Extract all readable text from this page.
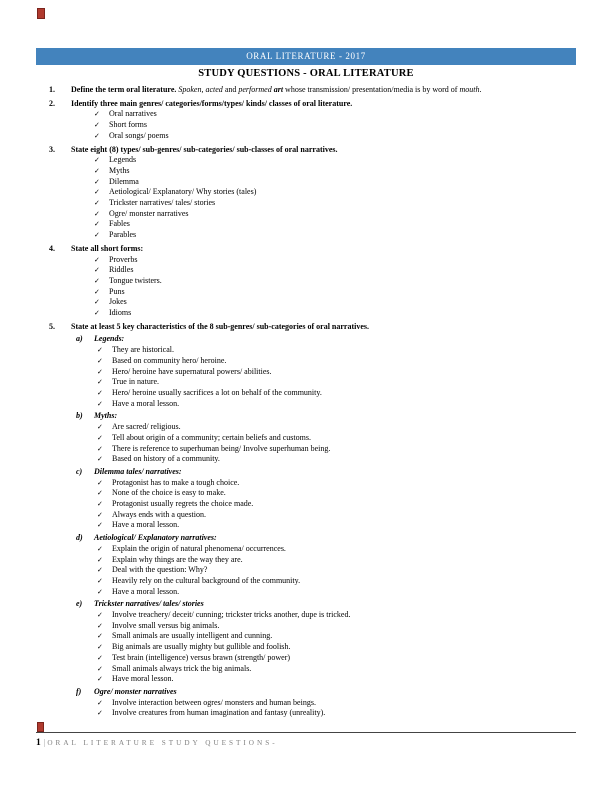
ORAL LITERATURE - 2017
STUDY QUESTIONS - ORAL LITERATURE
1.	Define the term oral literature. Spoken, acted and performed art whose transmission/ presentation/media is by word of mouth.
2.	Identify three main genres/ categories/forms/types/ kinds/ classes of oral literature.
✓	Oral narratives
✓	Short forms
✓	Oral songs/ poems
3.	State eight (8) types/ sub-genres/ sub-categories/ sub-classes of oral narratives.
✓	Legends
✓	Myths
✓	Dilemma
✓	Aetiological/ Explanatory/ Why stories (tales)
✓	Trickster narratives/ tales/ stories
✓	Ogre/ monster narratives
✓	Fables
✓	Parables
4.	State all short forms:
✓	Proverbs
✓	Riddles
✓	Tongue twisters.
✓	Puns
✓	Jokes
✓	Idioms
5.	State at least 5 key characteristics of the 8 sub-genres/ sub-categories of oral narratives.
a)	Legends:
✓	They are historical.
✓	Based on community hero/ heroine.
✓	Hero/ heroine have supernatural powers/ abilities.
✓	True in nature.
✓	Hero/ heroine usually sacrifices a lot on behalf of the community.
✓	Have a moral lesson.
b)	Myths:
✓	Are sacred/ religious.
✓	Tell about origin of a community; certain beliefs and customs.
✓	There is reference to superhuman being/ Involve superhuman being.
✓	Based on history of a community.
c)	Dilemma tales/ narratives:
✓	Protagonist has to make a tough choice.
✓	None of the choice is easy to make.
✓	Protagonist usually regrets the choice made.
✓	Always ends with a question.
✓	Have a moral lesson.
d)	Aetiological/ Explanatory narratives:
✓	Explain the origin of natural phenomena/ occurrences.
✓	Explain why things are the way they are.
✓	Deal with the question: Why?
✓	Heavily rely on the cultural background of the community.
✓	Have a moral lesson.
e)	Trickster narratives/ tales/ stories
✓	Involve treachery/ deceit/ cunning; trickster tricks another, dupe is tricked.
✓	Involve small versus big animals.
✓	Small animals are usually intelligent and cunning.
✓	Big animals are usually mighty but gullible and foolish.
✓	Test brain (intelligence) versus brawn (strength/ power)
✓	Small animals always trick the big animals.
✓	Have moral lesson.
f)	Ogre/ monster narratives
✓	Involve interaction between ogres/ monsters and human beings.
✓	Involve creatures from human imagination and fantasy (unreality).
1 | ORAL LITERATURE STUDY QUESTIONS-
